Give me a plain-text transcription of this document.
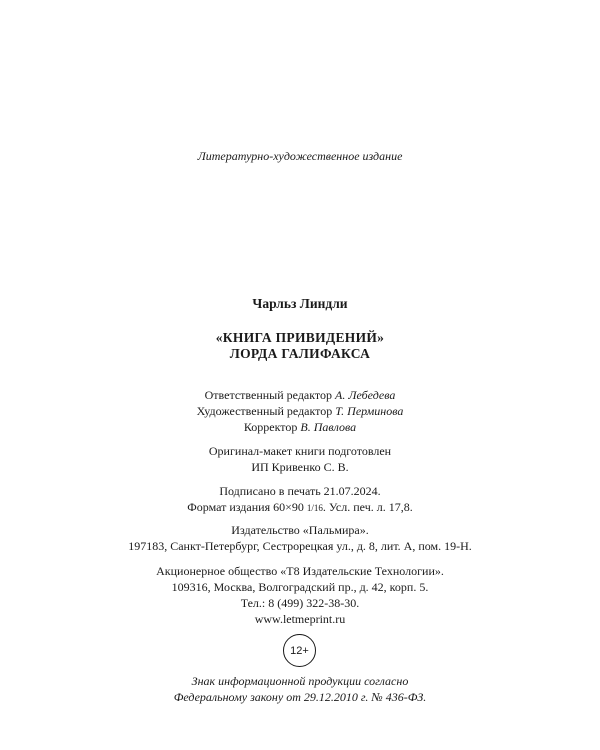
Литературно-художественное издание
Чарльз Линдли
«КНИГА ПРИВИДЕНИЙ»
ЛОРДА ГАЛИФАКСА
Ответственный редактор А. Лебедева
Художественный редактор Т. Перминова
Корректор В. Павлова
Оригинал-макет книги подготовлен
ИП Кривенко С. В.
Подписано в печать 21.07.2024.
Формат издания 60×90 1/16. Усл. печ. л. 17,8.
Издательство «Пальмира».
197183, Санкт-Петербург, Сестрорецкая ул., д. 8, лит. А, пом. 19-Н.
Акционерное общество «Т8 Издательские Технологии».
109316, Москва, Волгоградский пр., д. 42, корп. 5.
Тел.: 8 (499) 322-38-30.
www.letmeprint.ru
12+
Знак информационной продукции согласно
Федеральному закону от 29.12.2010 г. № 436-ФЗ.
